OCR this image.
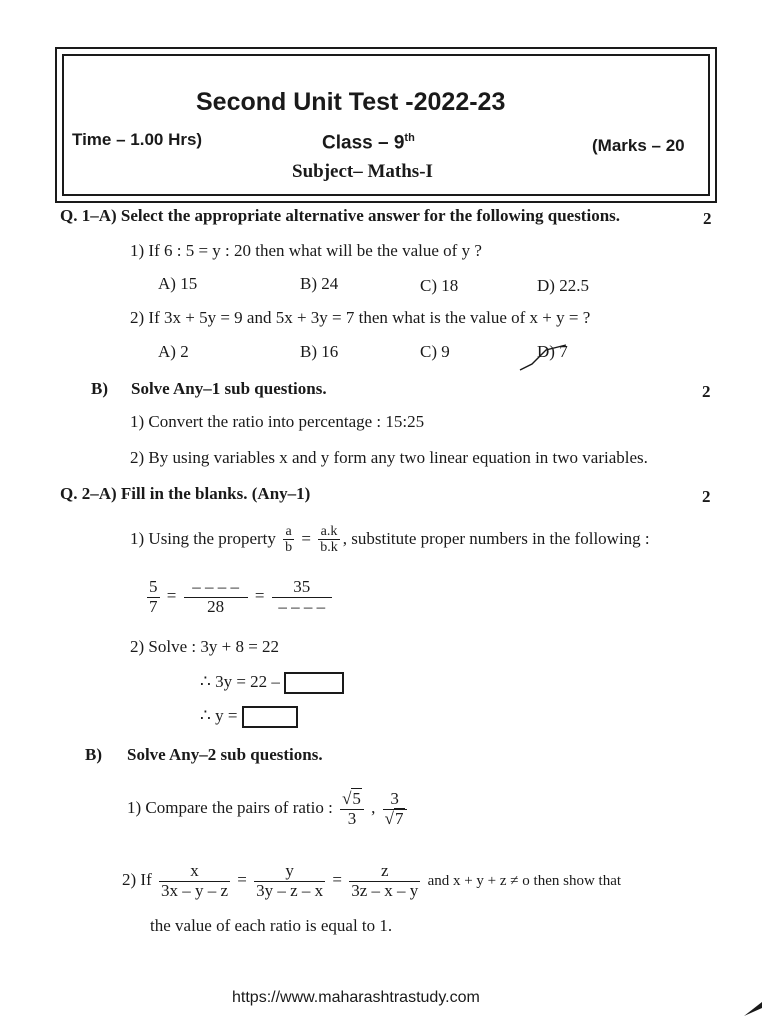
Second Unit Test -2022-23
Time – 1.00 Hrs)	Class – 9th	(Marks – 20
Subject– Maths-I
Q. 1–A) Select the appropriate alternative answer for the following questions.	2
1) If 6 : 5 = y : 20 then what will be the value of y ?
A) 15	B) 24	C) 18	D) 22.5
2) If 3x + 5y = 9 and 5x + 3y = 7 then what is the value of x + y = ?
A) 2	B) 16	C) 9	D) 7
B) Solve Any–1 sub questions.	2
1) Convert the ratio into percentage : 15:25
2) By using variables x and y form any two linear equation in two variables.
Q. 2–A) Fill in the blanks. (Any–1)	2
1) Using the property $\frac{a}{b} = \frac{a.k}{b.k}$ , substitute proper numbers in the following :
$\frac{5}{7} = \frac{- - - -}{28} = \frac{35}{- - - -}$
2) Solve : 3y + 8 = 22
∴ 3y = 22 –
∴ y =
B) Solve Any–2 sub questions.
1) Compare the pairs of ratio : $\frac{√5}{3}$ , $\frac{3}{√7}$
2) If $\frac{x}{3x - y - z} = \frac{y}{3y - z - x} = \frac{z}{3z - x - y}$ and x + y + z ≠ o then show that
the value of each ratio is equal to 1.
https://www.maharashtrastudy.com
